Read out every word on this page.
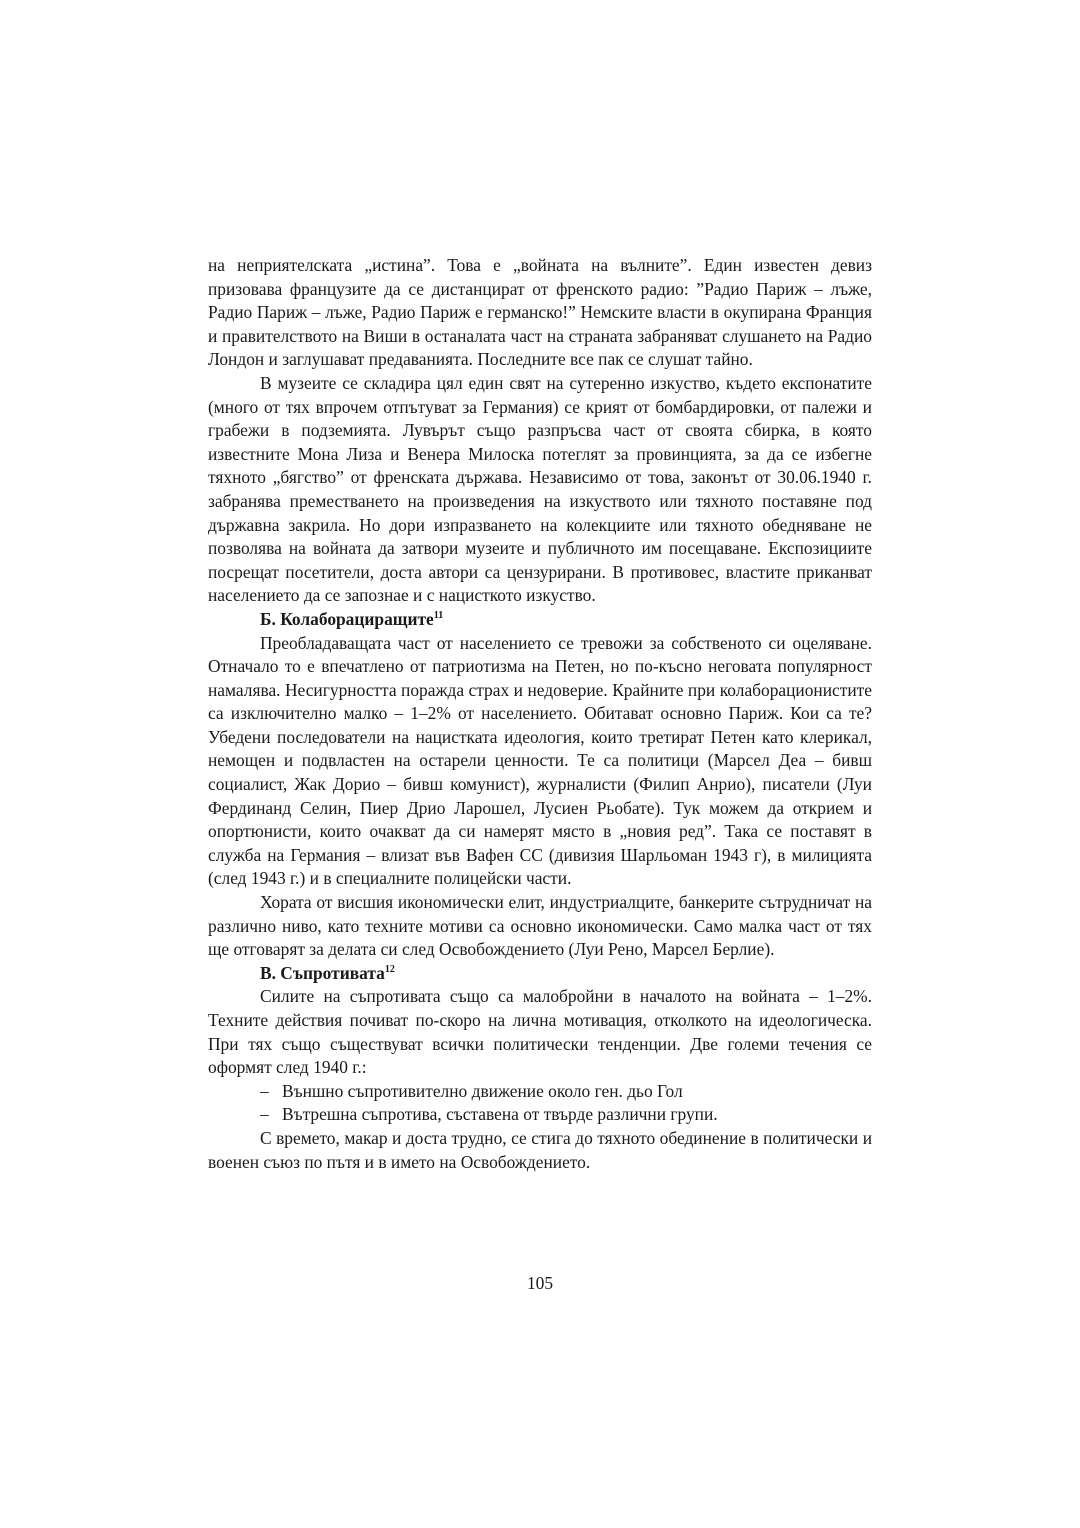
на неприятелската „истина”. Това е „войната на вълните”. Един известен девиз призовава французите да се дистанцират от френското радио: ”Радио Париж – лъже, Радио Париж – лъже, Радио Париж е германско!” Немските власти в окупирана Франция и правителството на Виши в останалата част на страната забраняват слушането на Радио Лондон и заглушават предаванията. Последните все пак се слушат тайно.

В музеите се складира цял един свят на сутеренно изкуство, където експонатите (много от тях впрочем отпътуват за Германия) се крият от бомбардировки, от палежи и грабежи в подземията. Лувърът също разпръсва част от своята сбирка, в която известните Мона Лиза и Венера Милоска потеглят за провинцията, за да се избегне тяхното „бягство” от френската държава. Независимо от това, законът от 30.06.1940 г. забранява преместването на произведения на изкуството или тяхното поставяне под държавна закрила. Но дори изпразването на колекциите или тяхното обедняване не позволява на войната да затвори музеите и публичното им посещаване. Експозициите посрещат посетители, доста автори са цензурирани. В противовес, властите приканват населението да се запознае и с нацисткото изкуство.

Б. Колаборациращите$^{11}$

Преобладаващата част от населението се тревожи за собственото си оцеляване. Отначало то е впечатлено от патриотизма на Петен, но по-късно неговата популярност намалява. Несигурността поражда страх и недоверие. Крайните при колаборационистите са изключително малко – 1–2% от населението. Обитават основно Париж. Кои са те? Убедени последователи на нацистката идеология, които третират Петен като клерикал, немощен и подвластен на остарели ценности. Те са политици (Марсел Деа – бивш социалист, Жак Дорио – бивш комунист), журналисти (Филип Анрио), писатели (Луи Фердинанд Селин, Пиер Дрио Ларошел, Лусиен Рьобате). Тук можем да открием и опортюнисти, които очакват да си намерят място в „новия ред”. Така се поставят в служба на Германия – влизат във Вафен СС (дивизия Шарльоман 1943 г), в милицията (след 1943 г.) и в специалните полицейски части.

Хората от висшия икономически елит, индустриалците, банкерите сътрудничат на различно ниво, като техните мотиви са основно икономически. Само малка част от тях ще отговарят за делата си след Освобождението (Луи Рено, Марсел Берлие).

В. Съпротивата$^{12}$

Силите на съпротивата също са малобройни в началото на войната – 1–2%. Техните действия почиват по-скоро на лична мотивация, отколкото на идеологическа. При тях също съществуват всички политически тенденции. Две големи течения се оформят след 1940 г.:

– Външно съпротивително движение около ген. дьо Гол

– Вътрешна съпротива, съставена от твърде различни групи.

С времето, макар и доста трудно, се стига до тяхното обединение в политически и военен съюз по пътя и в името на Освобождението.

105
